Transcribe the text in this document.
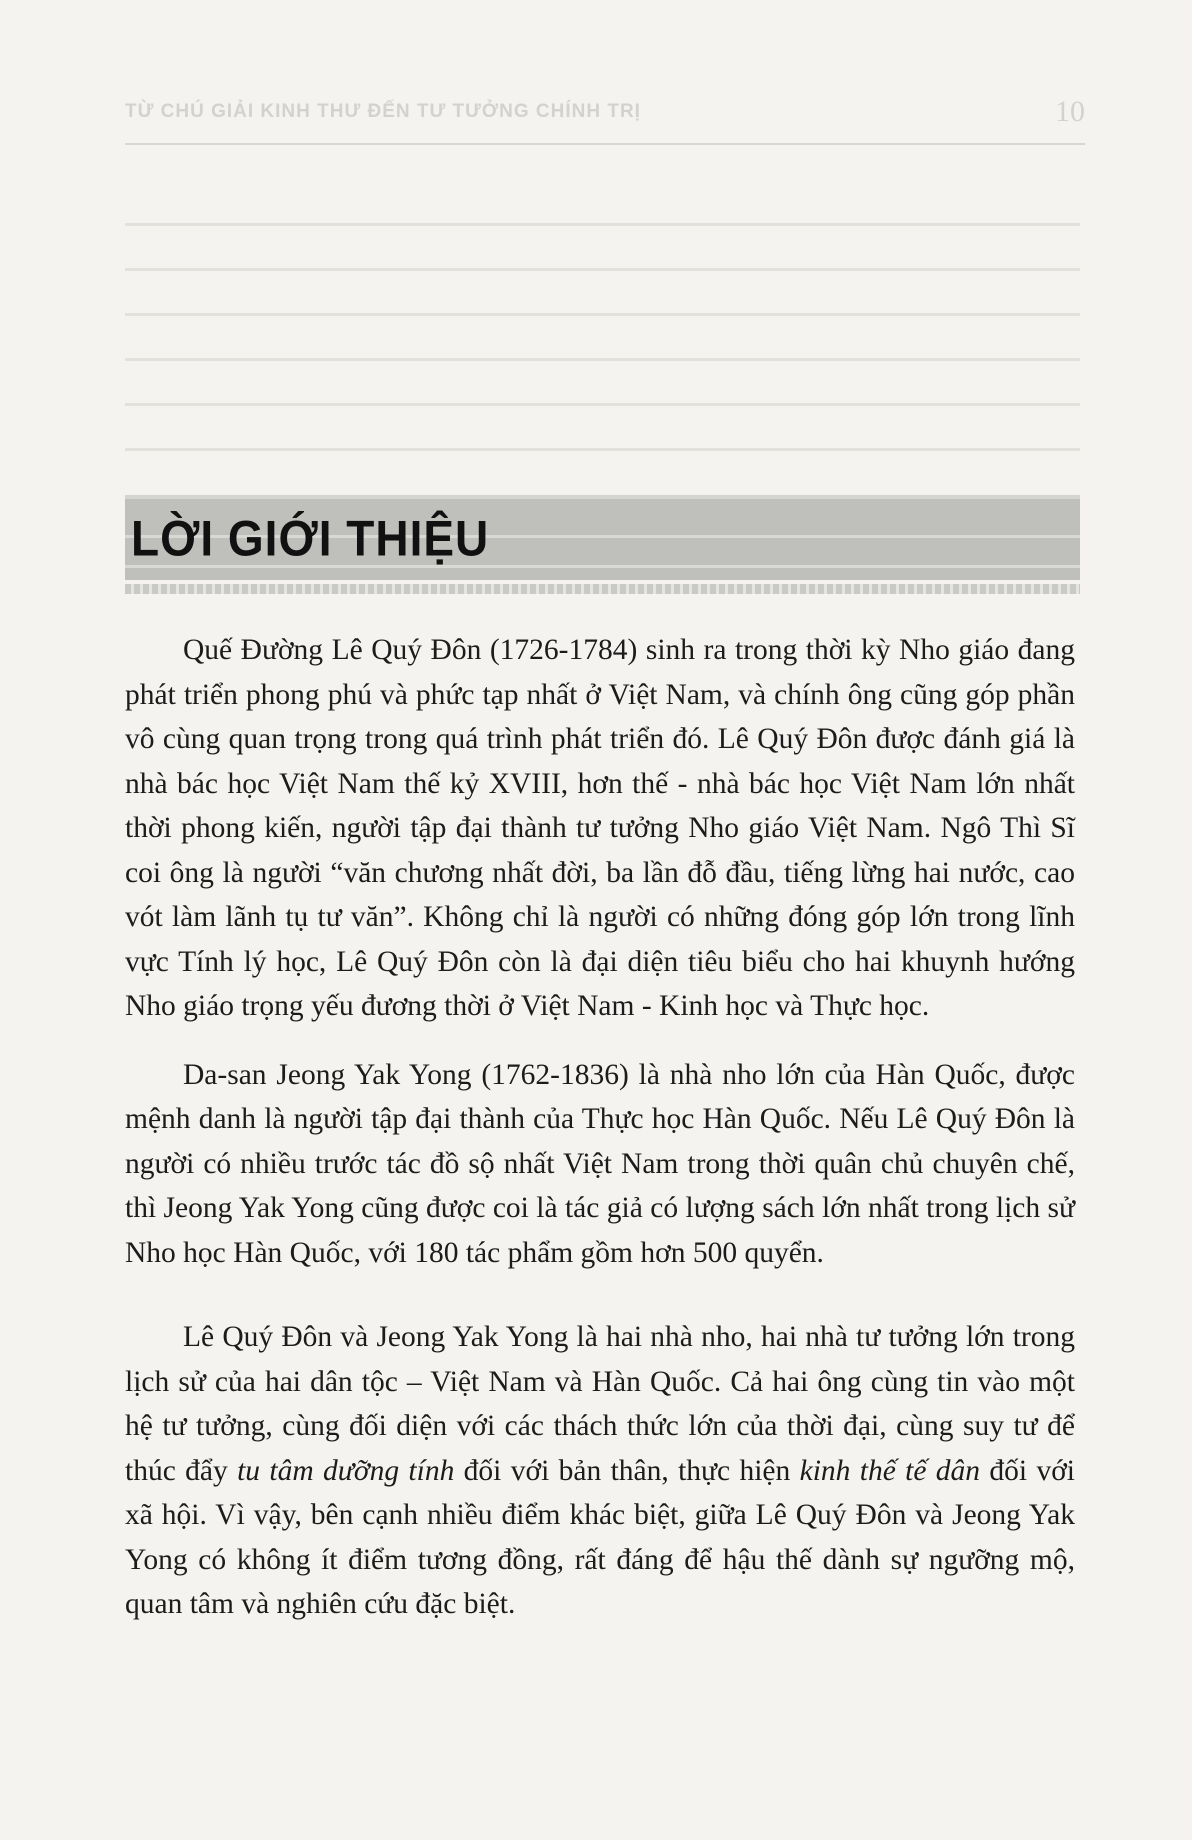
TỪ CHÚ GIẢI KINH THƯ ĐẾN TƯ TƯỞNG CHÍNH TRỊ	10
LỜI GIỚI THIỆU

Quế Đường Lê Quý Đôn (1726-1784) sinh ra trong thời kỳ Nho giáo đang phát triển phong phú và phức tạp nhất ở Việt Nam, và chính ông cũng góp phần vô cùng quan trọng trong quá trình phát triển đó. Lê Quý Đôn được đánh giá là nhà bác học Việt Nam thế kỷ XVIII, hơn thế - nhà bác học Việt Nam lớn nhất thời phong kiến, người tập đại thành tư tưởng Nho giáo Việt Nam. Ngô Thì Sĩ coi ông là người “văn chương nhất đời, ba lần đỗ đầu, tiếng lừng hai nước, cao vót làm lãnh tụ tư văn”. Không chỉ là người có những đóng góp lớn trong lĩnh vực Tính lý học, Lê Quý Đôn còn là đại diện tiêu biểu cho hai khuynh hướng Nho giáo trọng yếu đương thời ở Việt Nam - Kinh học và Thực học.

Da-san Jeong Yak Yong (1762-1836) là nhà nho lớn của Hàn Quốc, được mệnh danh là người tập đại thành của Thực học Hàn Quốc. Nếu Lê Quý Đôn là người có nhiều trước tác đồ sộ nhất Việt Nam trong thời quân chủ chuyên chế, thì Jeong Yak Yong cũng được coi là tác giả có lượng sách lớn nhất trong lịch sử Nho học Hàn Quốc, với 180 tác phẩm gồm hơn 500 quyển.

Lê Quý Đôn và Jeong Yak Yong là hai nhà nho, hai nhà tư tưởng lớn trong lịch sử của hai dân tộc – Việt Nam và Hàn Quốc. Cả hai ông cùng tin vào một hệ tư tưởng, cùng đối diện với các thách thức lớn của thời đại, cùng suy tư để thúc đẩy tu tâm dưỡng tính đối với bản thân, thực hiện kinh thế tế dân đối với xã hội. Vì vậy, bên cạnh nhiều điểm khác biệt, giữa Lê Quý Đôn và Jeong Yak Yong có không ít điểm tương đồng, rất đáng để hậu thế dành sự ngưỡng mộ, quan tâm và nghiên cứu đặc biệt.
